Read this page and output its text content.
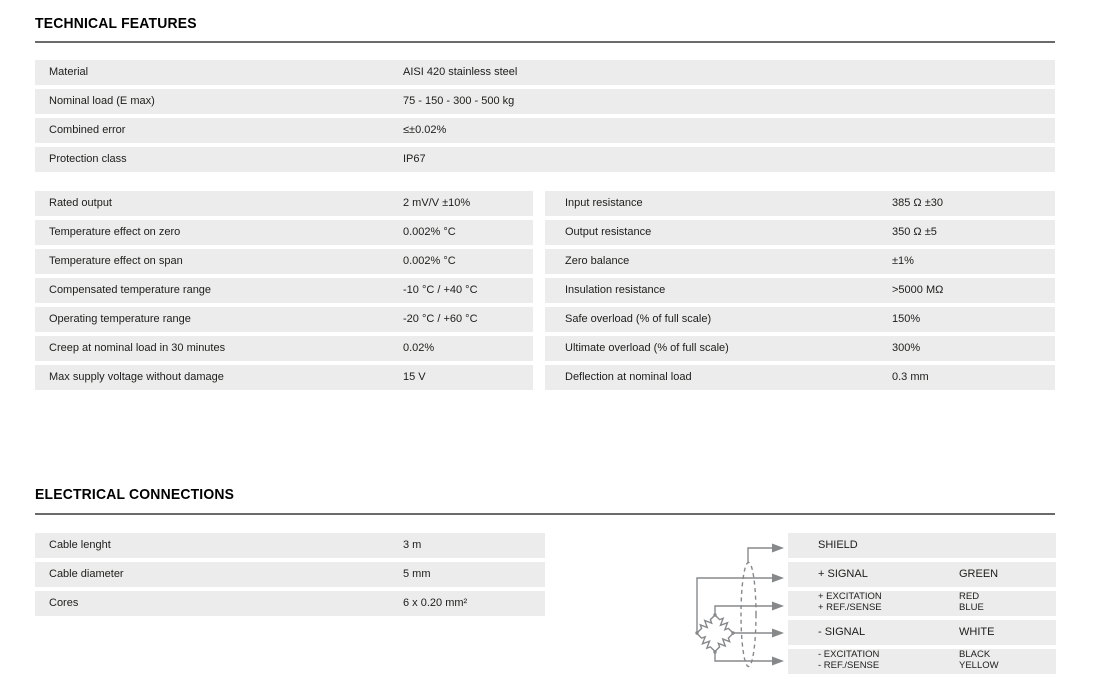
TECHNICAL FEATURES
Material	AISI 420 stainless steel
Nominal load (E max)	75 - 150 - 300 - 500 kg
Combined error	≤±0.02%
Protection class	IP67
Rated output	2 mV/V ±10%
Temperature effect on zero	0.002% °C
Temperature effect on span	0.002% °C
Compensated temperature range	-10 °C / +40 °C
Operating temperature range	-20 °C / +60 °C
Creep at nominal load in 30 minutes	0.02%
Max supply voltage without damage	15 V
Input resistance	385 Ω ±30
Output resistance	350 Ω ±5
Zero balance	±1%
Insulation resistance	>5000 MΩ
Safe overload (% of full scale)	150%
Ultimate overload (% of full scale)	300%
Deflection at nominal load	0.3 mm
ELECTRICAL CONNECTIONS
Cable lenght	3 m
Cable diameter	5 mm
Cores	6 x 0.20 mm²
SHIELD
+ SIGNAL	GREEN
+ EXCITATION	RED
+ REF./SENSE	BLUE
- SIGNAL	WHITE
- EXCITATION	BLACK
- REF./SENSE	YELLOW
